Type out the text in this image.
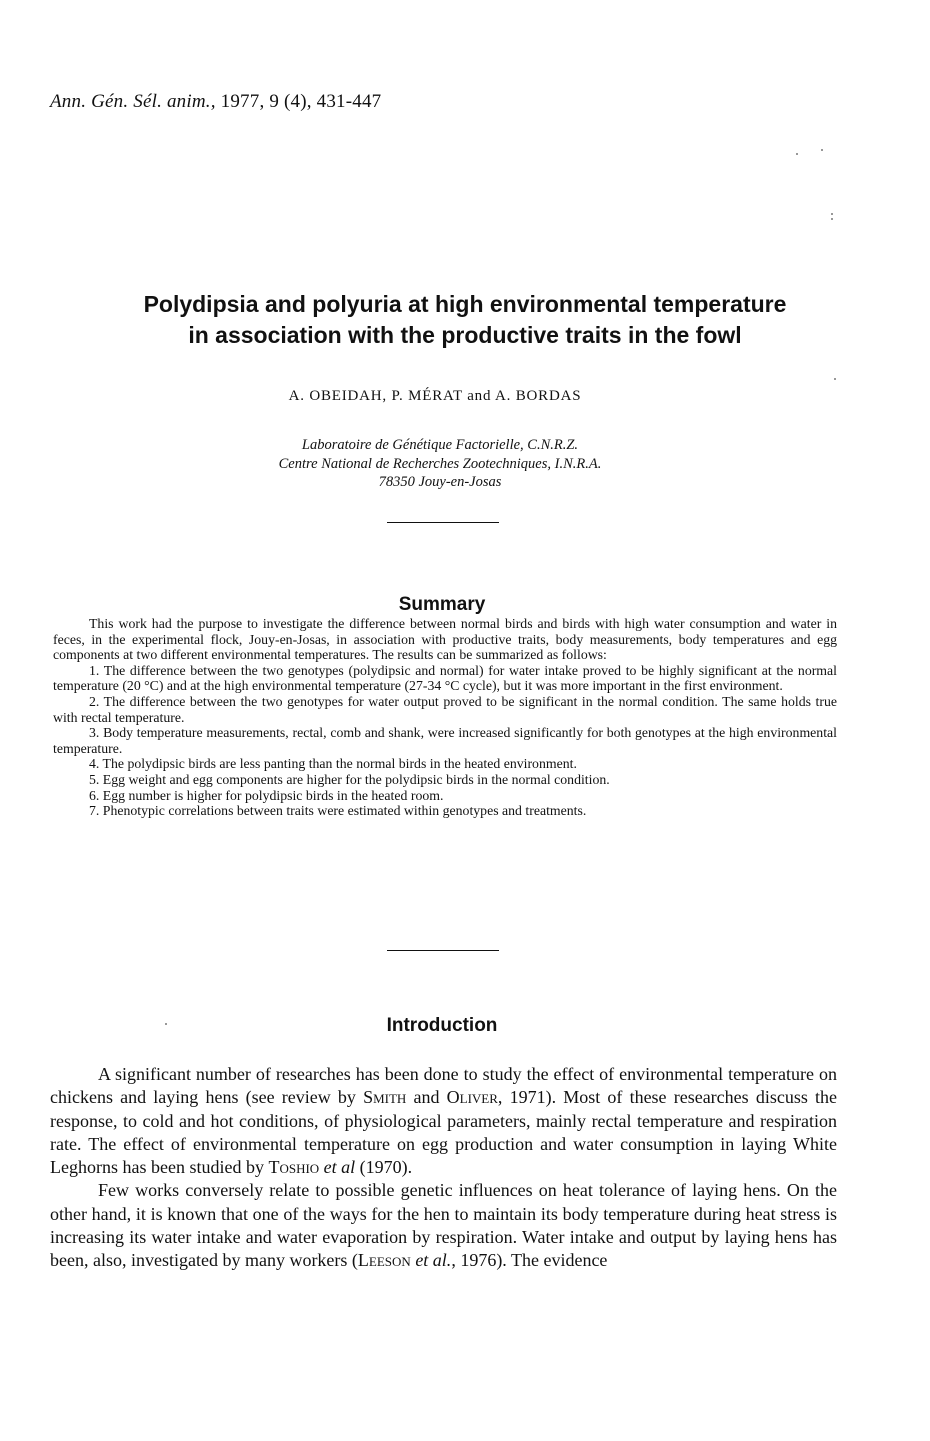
Ann. Gén. Sél. anim., 1977, 9 (4), 431-447
Polydipsia and polyuria at high environmental temperature
in association with the productive traits in the fowl
A. OBEIDAH, P. MÉRAT and A. BORDAS
Laboratoire de Génétique Factorielle, C.N.R.Z.
Centre National de Recherches Zootechniques, I.N.R.A.
78350 Jouy-en-Josas
Summary

This work had the purpose to investigate the difference between normal birds and birds with high water consumption and water in feces, in the experimental flock, Jouy-en-Josas, in association with productive traits, body measurements, body temperatures and egg components at two different environmental temperatures. The results can be summarized as follows:

1. The difference between the two genotypes (polydipsic and normal) for water intake proved to be highly significant at the normal temperature (20 °C) and at the high environmental temperature (27-34 °C cycle), but it was more important in the first environment.

2. The difference between the two genotypes for water output proved to be significant in the normal condition. The same holds true with rectal temperature.

3. Body temperature measurements, rectal, comb and shank, were increased significantly for both genotypes at the high environmental temperature.

4. The polydipsic birds are less panting than the normal birds in the heated environment.

5. Egg weight and egg components are higher for the polydipsic birds in the normal condition.

6. Egg number is higher for polydipsic birds in the heated room.

7. Phenotypic correlations between traits were estimated within genotypes and treatments.

Introduction

A significant number of researches has been done to study the effect of environmental temperature on chickens and laying hens (see review by Smith and Oliver, 1971). Most of these researches discuss the response, to cold and hot conditions, of physiological parameters, mainly rectal temperature and respiration rate. The effect of environmental temperature on egg production and water consumption in laying White Leghorns has been studied by Toshio et al (1970).

Few works conversely relate to possible genetic influences on heat tolerance of laying hens. On the other hand, it is known that one of the ways for the hen to maintain its body temperature during heat stress is increasing its water intake and water evaporation by respiration. Water intake and output by laying hens has been, also, investigated by many workers (Leeson et al., 1976). The evidence
